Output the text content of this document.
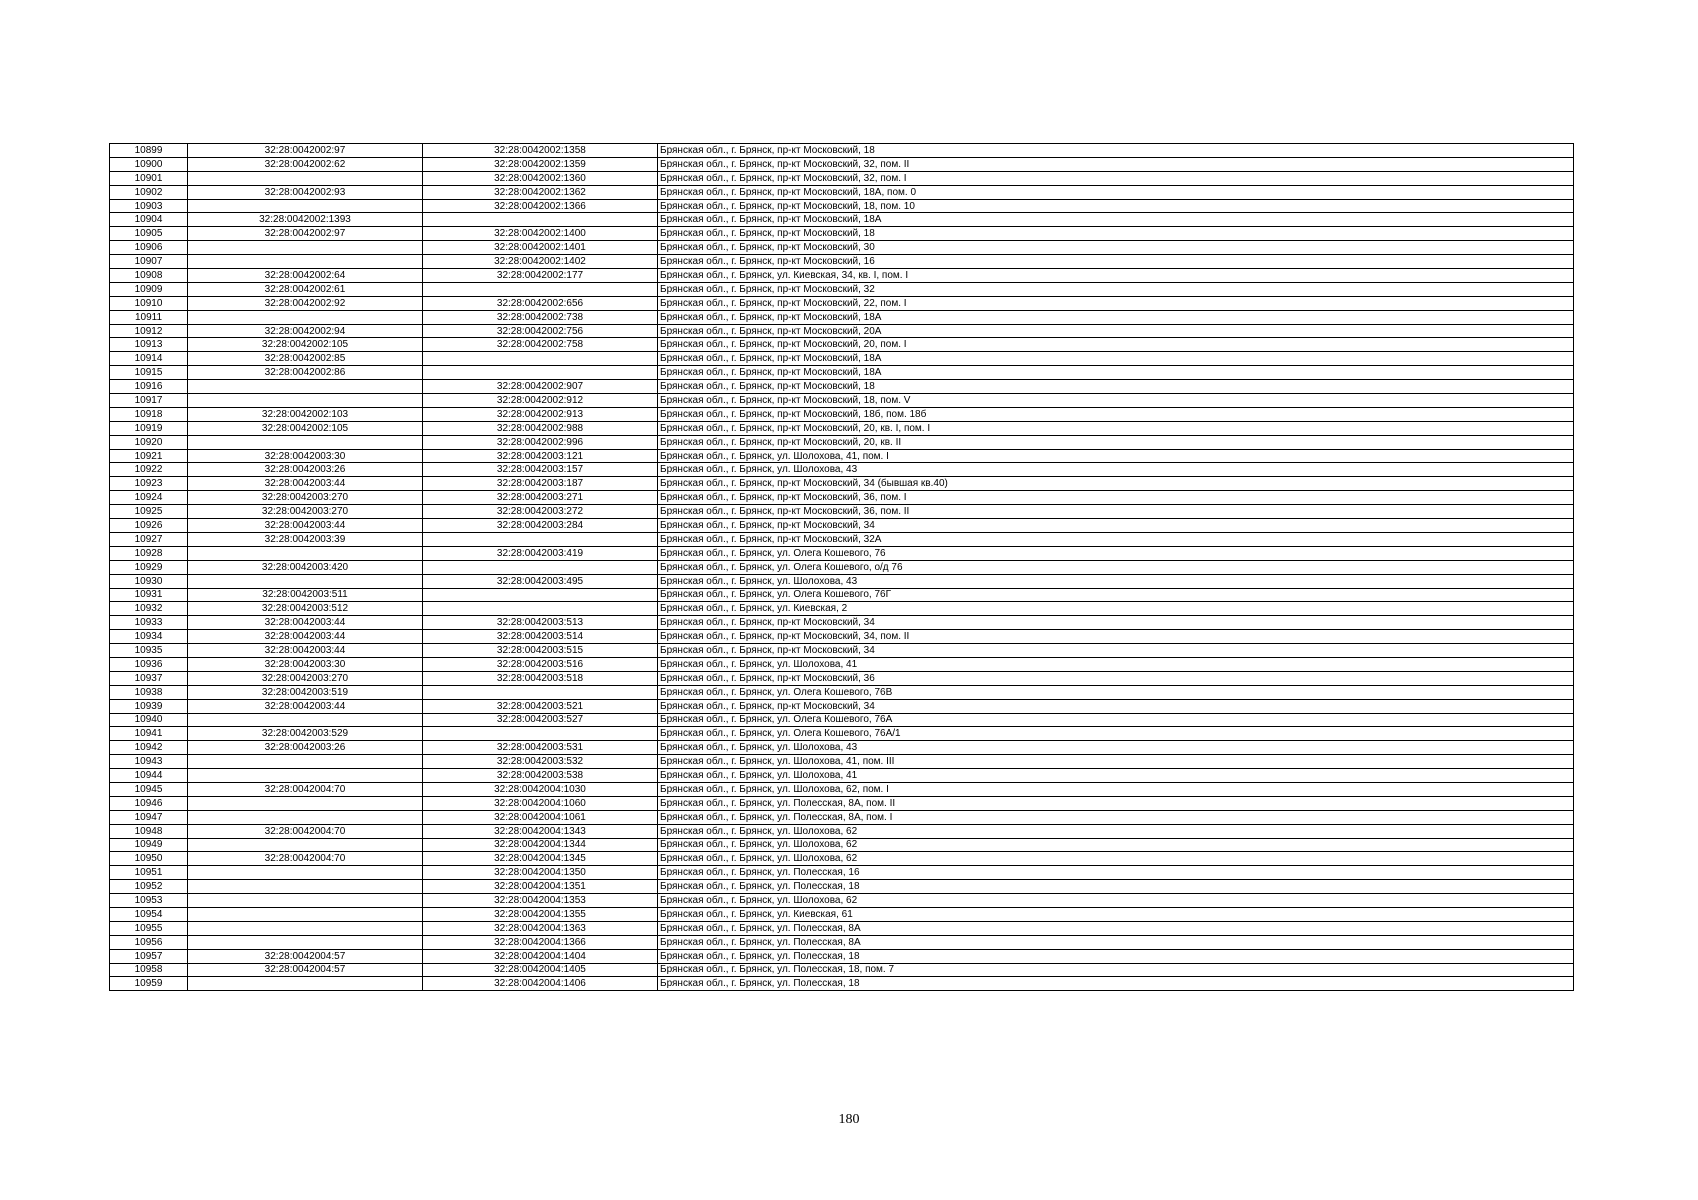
10899	32:28:0042002:97	32:28:0042002:1358	Брянская обл., г. Брянск, пр-кт Московский, 18
10900	32:28:0042002:62	32:28:0042002:1359	Брянская обл., г. Брянск, пр-кт Московский, 32, пом. II
10901		32:28:0042002:1360	Брянская обл., г. Брянск, пр-кт Московский, 32, пом. I
10902	32:28:0042002:93	32:28:0042002:1362	Брянская обл., г. Брянск, пр-кт Московский, 18А, пом. 0
10903		32:28:0042002:1366	Брянская обл., г. Брянск, пр-кт Московский, 18, пом. 10
10904	32:28:0042002:1393		Брянская обл., г. Брянск, пр-кт Московский, 18А
10905	32:28:0042002:97	32:28:0042002:1400	Брянская обл., г. Брянск, пр-кт Московский, 18
10906		32:28:0042002:1401	Брянская обл., г. Брянск, пр-кт Московский, 30
10907		32:28:0042002:1402	Брянская обл., г. Брянск, пр-кт Московский, 16
10908	32:28:0042002:64	32:28:0042002:177	Брянская обл., г. Брянск, ул. Киевская, 34, кв. I, пом. I
10909	32:28:0042002:61		Брянская обл., г. Брянск, пр-кт Московский, 32
10910	32:28:0042002:92	32:28:0042002:656	Брянская обл., г. Брянск, пр-кт Московский, 22, пом. I
10911		32:28:0042002:738	Брянская обл., г. Брянск, пр-кт Московский, 18А
10912	32:28:0042002:94	32:28:0042002:756	Брянская обл., г. Брянск, пр-кт Московский, 20А
10913	32:28:0042002:105	32:28:0042002:758	Брянская обл., г. Брянск, пр-кт Московский, 20, пом. I
10914	32:28:0042002:85		Брянская обл., г. Брянск, пр-кт Московский, 18А
10915	32:28:0042002:86		Брянская обл., г. Брянск, пр-кт Московский, 18А
10916		32:28:0042002:907	Брянская обл., г. Брянск, пр-кт Московский, 18
10917		32:28:0042002:912	Брянская обл., г. Брянск, пр-кт Московский, 18, пом. V
10918	32:28:0042002:103	32:28:0042002:913	Брянская обл., г. Брянск, пр-кт Московский, 18б, пом. 18б
10919	32:28:0042002:105	32:28:0042002:988	Брянская обл., г. Брянск, пр-кт Московский, 20, кв. I, пом. I
10920		32:28:0042002:996	Брянская обл., г. Брянск, пр-кт Московский, 20, кв. II
10921	32:28:0042003:30	32:28:0042003:121	Брянская обл., г. Брянск, ул. Шолохова, 41, пом. I
10922	32:28:0042003:26	32:28:0042003:157	Брянская обл., г. Брянск, ул. Шолохова, 43
10923	32:28:0042003:44	32:28:0042003:187	Брянская обл., г. Брянск, пр-кт Московский, 34 (бывшая кв.40)
10924	32:28:0042003:270	32:28:0042003:271	Брянская обл., г. Брянск, пр-кт Московский, 36, пом. I
10925	32:28:0042003:270	32:28:0042003:272	Брянская обл., г. Брянск, пр-кт Московский, 36, пом. II
10926	32:28:0042003:44	32:28:0042003:284	Брянская обл., г. Брянск, пр-кт Московский, 34
10927	32:28:0042003:39		Брянская обл., г. Брянск, пр-кт Московский, 32А
10928		32:28:0042003:419	Брянская обл., г. Брянск, ул. Олега Кошевого, 76
10929	32:28:0042003:420		Брянская обл., г. Брянск, ул. Олега Кошевого, о/д 76
10930		32:28:0042003:495	Брянская обл., г. Брянск, ул. Шолохова, 43
10931	32:28:0042003:511		Брянская обл., г. Брянск, ул. Олега Кошевого, 76Г
10932	32:28:0042003:512		Брянская обл., г. Брянск, ул. Киевская, 2
10933	32:28:0042003:44	32:28:0042003:513	Брянская обл., г. Брянск, пр-кт Московский, 34
10934	32:28:0042003:44	32:28:0042003:514	Брянская обл., г. Брянск, пр-кт Московский, 34, пом. II
10935	32:28:0042003:44	32:28:0042003:515	Брянская обл., г. Брянск, пр-кт Московский, 34
10936	32:28:0042003:30	32:28:0042003:516	Брянская обл., г. Брянск, ул. Шолохова, 41
10937	32:28:0042003:270	32:28:0042003:518	Брянская обл., г. Брянск, пр-кт Московский, 36
10938	32:28:0042003:519		Брянская обл., г. Брянск, ул. Олега Кошевого, 76В
10939	32:28:0042003:44	32:28:0042003:521	Брянская обл., г. Брянск, пр-кт Московский, 34
10940		32:28:0042003:527	Брянская обл., г. Брянск, ул. Олега Кошевого, 76А
10941	32:28:0042003:529		Брянская обл., г. Брянск, ул. Олега Кошевого, 76А/1
10942	32:28:0042003:26	32:28:0042003:531	Брянская обл., г. Брянск, ул. Шолохова, 43
10943		32:28:0042003:532	Брянская обл., г. Брянск, ул. Шолохова, 41, пом. III
10944		32:28:0042003:538	Брянская обл., г. Брянск, ул. Шолохова, 41
10945	32:28:0042004:70	32:28:0042004:1030	Брянская обл., г. Брянск, ул. Шолохова, 62, пом. I
10946		32:28:0042004:1060	Брянская обл., г. Брянск, ул. Полесская, 8А, пом. II
10947		32:28:0042004:1061	Брянская обл., г. Брянск, ул. Полесская, 8А, пом. I
10948	32:28:0042004:70	32:28:0042004:1343	Брянская обл., г. Брянск, ул. Шолохова, 62
10949		32:28:0042004:1344	Брянская обл., г. Брянск, ул. Шолохова, 62
10950	32:28:0042004:70	32:28:0042004:1345	Брянская обл., г. Брянск, ул. Шолохова, 62
10951		32:28:0042004:1350	Брянская обл., г. Брянск, ул. Полесская, 16
10952		32:28:0042004:1351	Брянская обл., г. Брянск, ул. Полесская, 18
10953		32:28:0042004:1353	Брянская обл., г. Брянск, ул. Шолохова, 62
10954		32:28:0042004:1355	Брянская обл., г. Брянск, ул. Киевская, 61
10955		32:28:0042004:1363	Брянская обл., г. Брянск, ул. Полесская, 8А
10956		32:28:0042004:1366	Брянская обл., г. Брянск, ул. Полесская, 8А
10957	32:28:0042004:57	32:28:0042004:1404	Брянская обл., г. Брянск, ул. Полесская, 18
10958	32:28:0042004:57	32:28:0042004:1405	Брянская обл., г. Брянск, ул. Полесская, 18, пом. 7
10959		32:28:0042004:1406	Брянская обл., г. Брянск, ул. Полесская, 18
180
